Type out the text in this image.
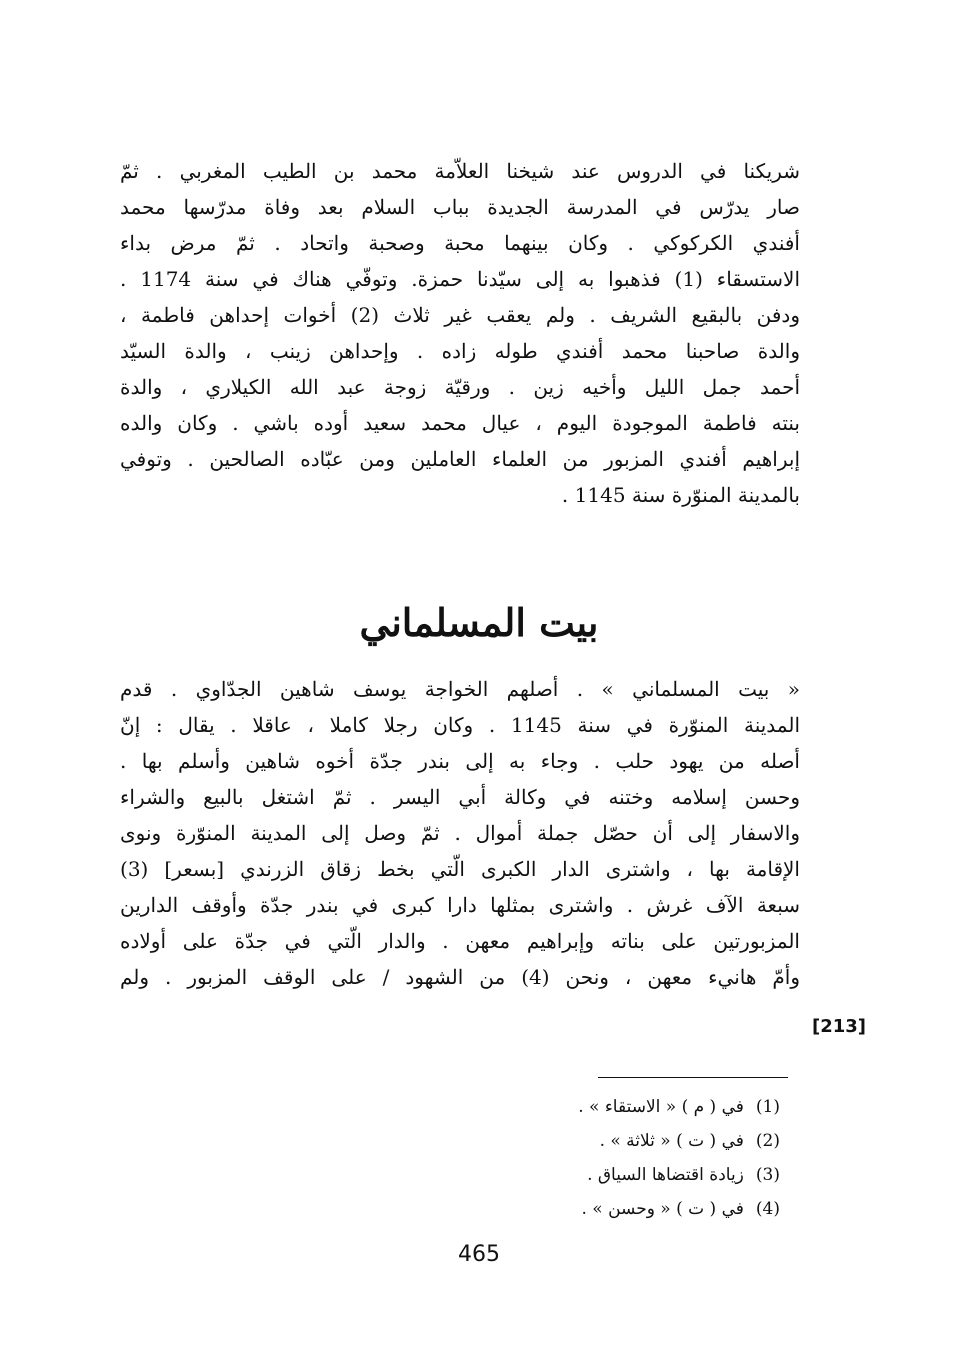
شريكنا في الدروس عند شيخنا العلاّمة محمد بن الطيب المغربي . ثمّ
صار يدرّس في المدرسة الجديدة بباب السلام بعد وفاة مدرّسها محمد
أفندي الكركوكي . وكان بينهما محبة وصحبة واتحاد . ثمّ مرض بداء
الاستسقاء (1) فذهبوا به إلى سيّدنا حمزة. وتوفّي هناك في سنة 1174 .
ودفن بالبقيع الشريف . ولم يعقب غير ثلاث (2) أخوات إحداهن فاطمة ،
والدة صاحبنا محمد أفندي طوله زاده . وإحداهن زينب ، والدة السيّد
أحمد جمل الليل وأخيه زين . ورقيّة زوجة عبد الله الكيلاري ، والدة
بنته فاطمة الموجودة اليوم ، عيال محمد سعيد أوده باشي . وكان والده
إبراهيم أفندي المزبور من العلماء العاملين ومن عبّاده الصالحين . وتوفي
بالمدينة المنوّرة سنة 1145 .
بيت المسلماني
« بيت المسلماني » . أصلهم الخواجة يوسف شاهين الجدّاوي . قدم
المدينة المنوّرة في سنة 1145 . وكان رجلا كاملا ، عاقلا . يقال : إنّ
أصله من يهود حلب . وجاء به إلى بندر جدّة أخوه شاهين وأسلم بها .
وحسن إسلامه وختنه في وكالة أبي اليسر . ثمّ اشتغل بالبيع والشراء
والاسفار إلى أن حصّل جملة أموال . ثمّ وصل إلى المدينة المنوّرة ونوى
الإقامة بها ، واشترى الدار الكبرى الّتي بخط زقاق الزرندي [بسعر] (3)
سبعة الآف غرش . واشترى بمثلها دارا كبرى في بندر جدّة وأوقف الدارين
المزبورتين على بناته وإبراهيم معهن . والدار الّتي في جدّة على أولاده
وأمّ هانيء معهن ، ونحن (4) من الشهود / على الوقف المزبور . ولم
[213]
(1)في ( م ) « الاستقاء » .
(2)في ( ت ) « ثلاثة » .
(3)زيادة اقتضاها السياق .
(4)في ( ت ) « وحسن » .
465
